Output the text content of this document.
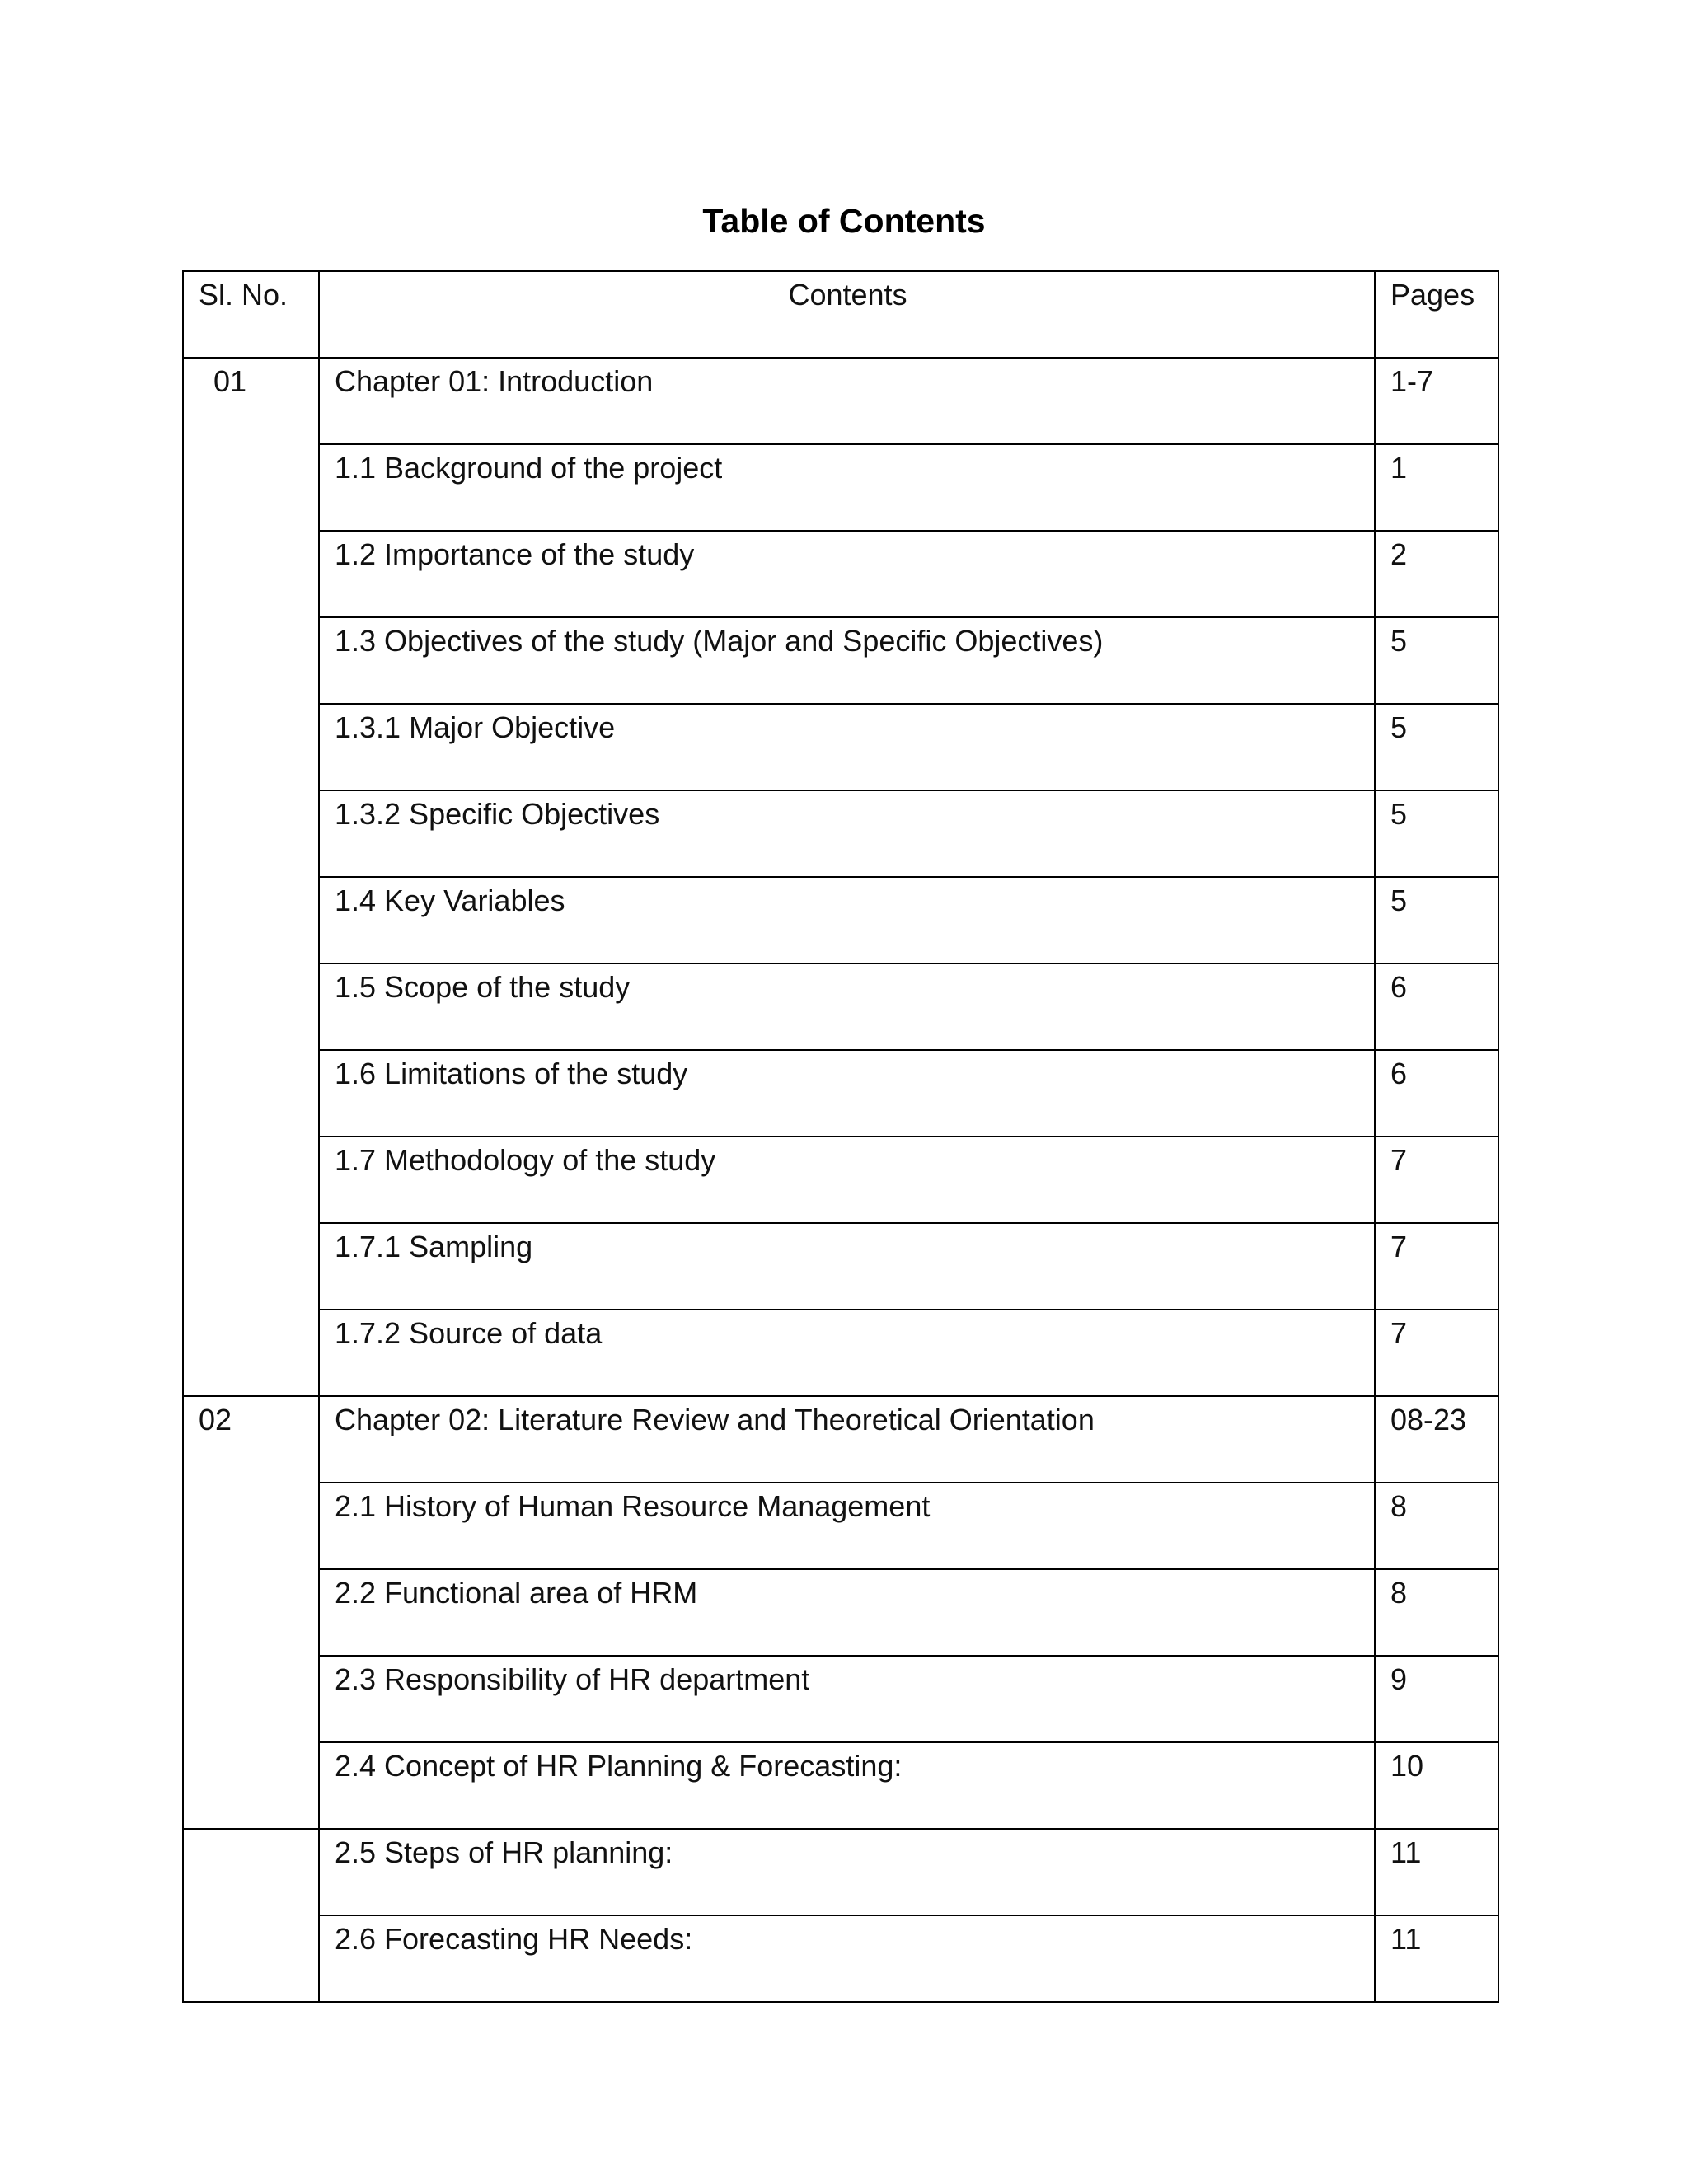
Table of Contents
Sl. No.	Contents	Pages
01	Chapter 01: Introduction	1-7
	1.1 Background of the project	1
	1.2 Importance of the study	2
	1.3 Objectives of the study (Major and Specific Objectives)	5
	1.3.1 Major Objective	5
	1.3.2 Specific Objectives	5
	1.4 Key Variables	5
	1.5 Scope of the study	6
	1.6 Limitations of the study	6
	1.7 Methodology of the study	7
	1.7.1 Sampling	7
	1.7.2 Source of data	7
02	Chapter 02: Literature Review and Theoretical Orientation	08-23
	2.1 History of Human Resource Management	8
	2.2 Functional area of HRM	8
	2.3 Responsibility of HR department	9
	2.4 Concept of HR Planning & Forecasting:	10
	2.5 Steps of HR planning:	11
	2.6 Forecasting HR Needs:	11
